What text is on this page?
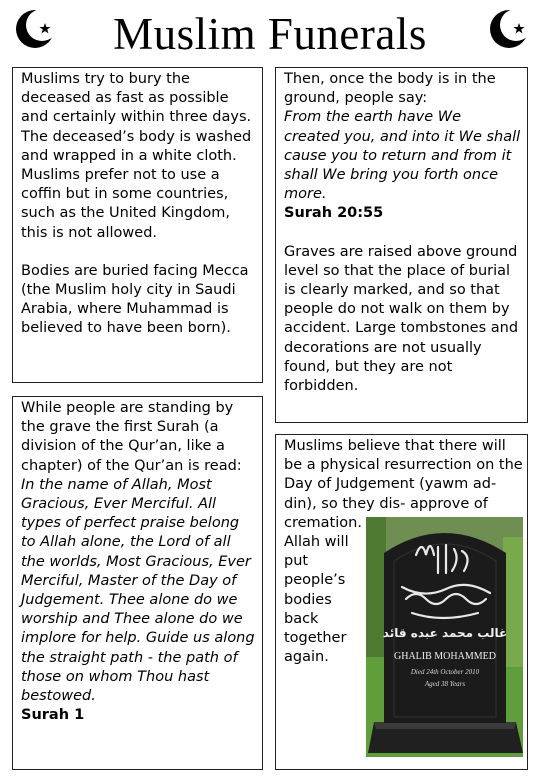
Muslim Funerals

Muslims try to bury the deceased as fast as possible and certainly within three days. The deceased’s body is washed and wrapped in a white cloth. Muslims prefer not to use a coffin but in some countries, such as the United Kingdom, this is not allowed.

Bodies are buried facing Mecca (the Muslim holy city in Saudi Arabia, where Muhammad is believed to have been born).

While people are standing by the grave the first Surah (a division of the Qur’an, like a chapter) of the Qur’an is read:

In the name of Allah, Most Gracious, Ever Merciful. All types of perfect praise belong to Allah alone, the Lord of all the worlds, Most Gracious, Ever Merciful, Master of the Day of Judgement. Thee alone do we worship and Thee alone do we implore for help. Guide us along the straight path - the path of those on whom Thou hast bestowed.

Surah 1

Then, once the body is in the ground, people say:

From the earth have We created you, and into it We shall cause you to return and from it shall We bring you forth once more.

Surah 20:55

Graves are raised above ground level so that the place of burial is clearly marked, and so that people do not walk on them by accident. Large tombstones and decorations are not usually found, but they are not forbidden.

Muslims believe that there will be a physical resurrection on the Day of Judgement (yawm ad-din), so they
غالب محمد عبده قائد
GHALIB MOHAMMED
Died 24th October 2010
Aged 38 Years
dis- approve of cremation. Allah will put people’s bodies back together again.
